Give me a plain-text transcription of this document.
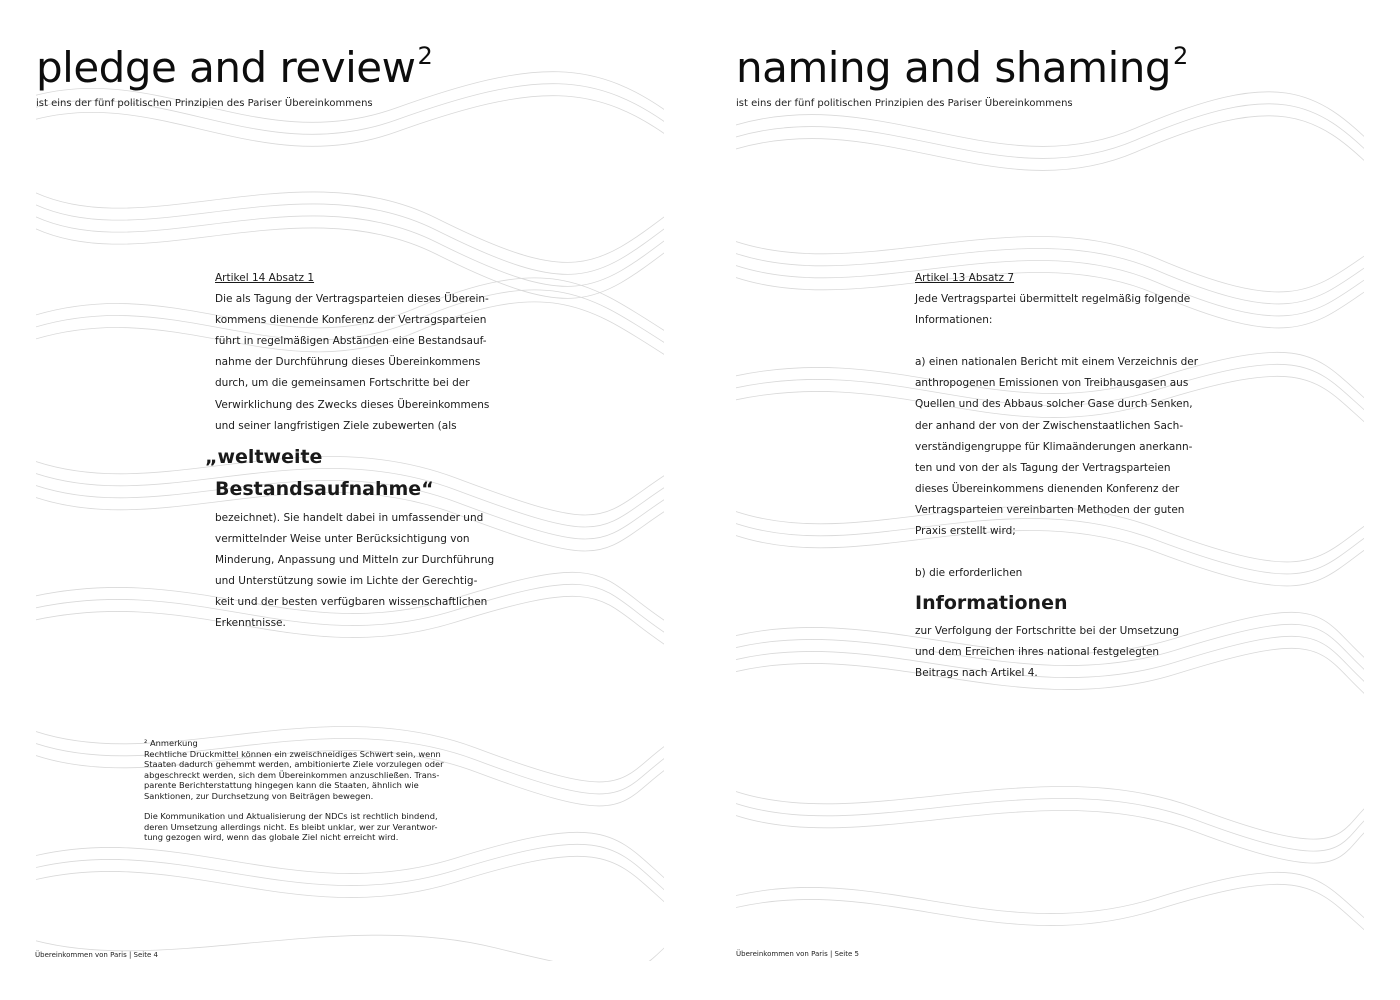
pledge and review$^2$
ist eins der fünf politischen Prinzipien des Pariser Übereinkommens
Artikel 14 Absatz 1
Die als Tagung der Vertragsparteien dieses Überein-
kommens dienende Konferenz der Vertragsparteien
führt in regelmäßigen Abständen eine Bestandsauf-
nahme der Durchführung dieses Übereinkommens
durch, um die gemeinsamen Fortschritte bei der
Verwirklichung des Zwecks dieses Übereinkommens
und seiner langfristigen Ziele zubewerten (als
„weltweite
Bestandsaufnahme“
bezeichnet). Sie handelt dabei in umfassender und
vermittelnder Weise unter Berücksichtigung von
Minderung, Anpassung und Mitteln zur Durchführung
und Unterstützung sowie im Lichte der Gerechtig-
keit und der besten verfügbaren wissenschaftlichen
Erkenntnisse.
² Anmerkung
Rechtliche Druckmittel können ein zweischneidiges Schwert sein, wenn
Staaten dadurch gehemmt werden, ambitionierte Ziele vorzulegen oder
abgeschreckt werden, sich dem Übereinkommen anzuschließen. Trans-
parente Berichterstattung hingegen kann die Staaten, ähnlich wie
Sanktionen, zur Durchsetzung von Beiträgen bewegen.
Die Kommunikation und Aktualisierung der NDCs ist rechtlich bindend,
deren Umsetzung allerdings nicht. Es bleibt unklar, wer zur Verantwor-
tung gezogen wird, wenn das globale Ziel nicht erreicht wird.
naming and shaming$^2$
ist eins der fünf politischen Prinzipien des Pariser Übereinkommens
Artikel 13 Absatz 7
Jede Vertragspartei übermittelt regelmäßig folgende
Informationen:
a) einen nationalen Bericht mit einem Verzeichnis der
anthropogenen Emissionen von Treibhausgasen aus
Quellen und des Abbaus solcher Gase durch Senken,
der anhand der von der Zwischenstaatlichen Sach-
verständigengruppe für Klimaänderungen anerkann-
ten und von der als Tagung der Vertragsparteien
dieses Übereinkommens dienenden Konferenz der
Vertragsparteien vereinbarten Methoden der guten
Praxis erstellt wird;
b) die erforderlichen
Informationen
zur Verfolgung der Fortschritte bei der Umsetzung
und dem Erreichen ihres national festgelegten
Beitrags nach Artikel 4.
Übereinkommen von Paris | Seite 4	Übereinkommen von Paris | Seite 5
